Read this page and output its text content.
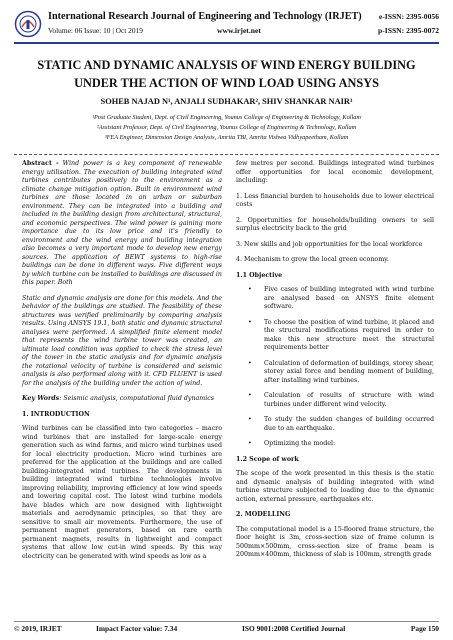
International Research Journal of Engineering and Technology (IRJET)
Volume: 06 Issue: 10 | Oct 2019	www.irjet.net
e-ISSN: 2395-0056
p-ISSN: 2395-0072
STATIC AND DYNAMIC ANALYSIS OF WIND ENERGY BUILDING UNDER THE ACTION OF WIND LOAD USING ANSYS
SOHEB NAJAD N¹, ANJALI SUDHAKAR², SHIV SHANKAR NAIR³
¹Post Graduate Student, Dept. of Civil Engineering, Younus College of Engineering & Technology, Kollam
²Assistant Professor, Dept. of Civil Engineering, Younus College of Engineering & Technology, Kollam
³FEA Engineer, Dimension Design Analysis, Amrita TBI, Amrita Vishwa Vidhyapeetham, Kollam

Abstract - Wind power is a key component of renewable energy utilisation. The execution of building integrated wind turbines contributes positively to the environment as a climate change mitigation option. Built in environment wind turbines are those located in an urban or suburban environment. They can be integrated into a building and included in the building design from architectural, structural, and economic perspectives. The wind power is gaining more importance due to its low price and it's friendly to environment and the wind energy and building integration also becomes a very important mode to develop new energy sources. The application of BEWT systems to high-rise buildings can be done in different ways. Five different ways by which turbine can be installed to buildings are discussed in this paper. Both

Static and dynamic analysis are done for this models. And the behavior of the buildings are studied. The feasibility of these structures was verified preliminarily by comparing analysis results. Using ANSYS 19.1, both static and dynamic structural analyses were performed. A simplified finite element model that represents the wind turbine tower was created, an ultimate load condition was applied to check the stress level of the tower in the static analysis and for dynamic analysis the rotational velocity of turbine is considered and seismic analysis is also performed along with it. CFD FLUENT is used for the analysis of the building under the action of wind.

Key Words: Seismic analysis, computational fluid dynamics

1. INTRODUCTION

Wind turbines can be classified into two categories – macro wind turbines that are installed for large-scale energy generation such as wind farms, and micro wind turbines used for local electricity production. Micro wind turbines are preferred for the application at the buildings and are called building-integrated wind turbines. The developments in building integrated wind turbine technologies involve improving reliability, improving efficiency at low wind speeds and lowering capital cost. The latest wind turbine models have blades which are now designed with lightweight materials and aerodynamic principles, so that they are sensitive to small air movements. Furthermore, the use of permanent magnet generators, based on rare earth permanent magnets, results in lightweight and compact systems that allow low cut-in wind speeds. By this way electricity can be generated with wind speeds as low as a

few metres per second. Buildings integrated wind turbines offer opportunities for local economic development, including:

1. Less financial burden to households due to lower electrical costs

2. Opportunities for households/building owners to sell surplus electricity back to the grid

3. New skills and job opportunities for the local workforce

4. Mechanism to grow the local green economy.

1.1 Objective

• Five cases of building integrated with wind turbine are analysed based on ANSYS finite element software.

• To choose the position of wind turbine, it placed and the structural modifications required in order to make this new structure meet the structural requirements better

• Calculation of deformation of buildings, storey shear, storey axial force and bending moment of building, after installing wind turbines.

• Calculation of results of structure with wind turbines under different wind velocity.

• To study the sudden changes of building occurred due to an earthquake.

• Optimizing the model:

1.2 Scope of work

The scope of the work presented in this thesis is the static and dynamic analysis of building integrated with wind turbine structure subjected to loading due to the dynamic action, external pressure, earthquakes etc.

2. MODELLING

The computational model is a 15-floored frame structure, the floor height is 3m, cross-section size of frame column is 500mm×500mm, cross-section size of frame beam is 200mm×400mm, thickness of slab is 100mm, strength grade

© 2019, IRJET	Impact Factor value: 7.34	ISO 9001:2008 Certified Journal	Page 150
